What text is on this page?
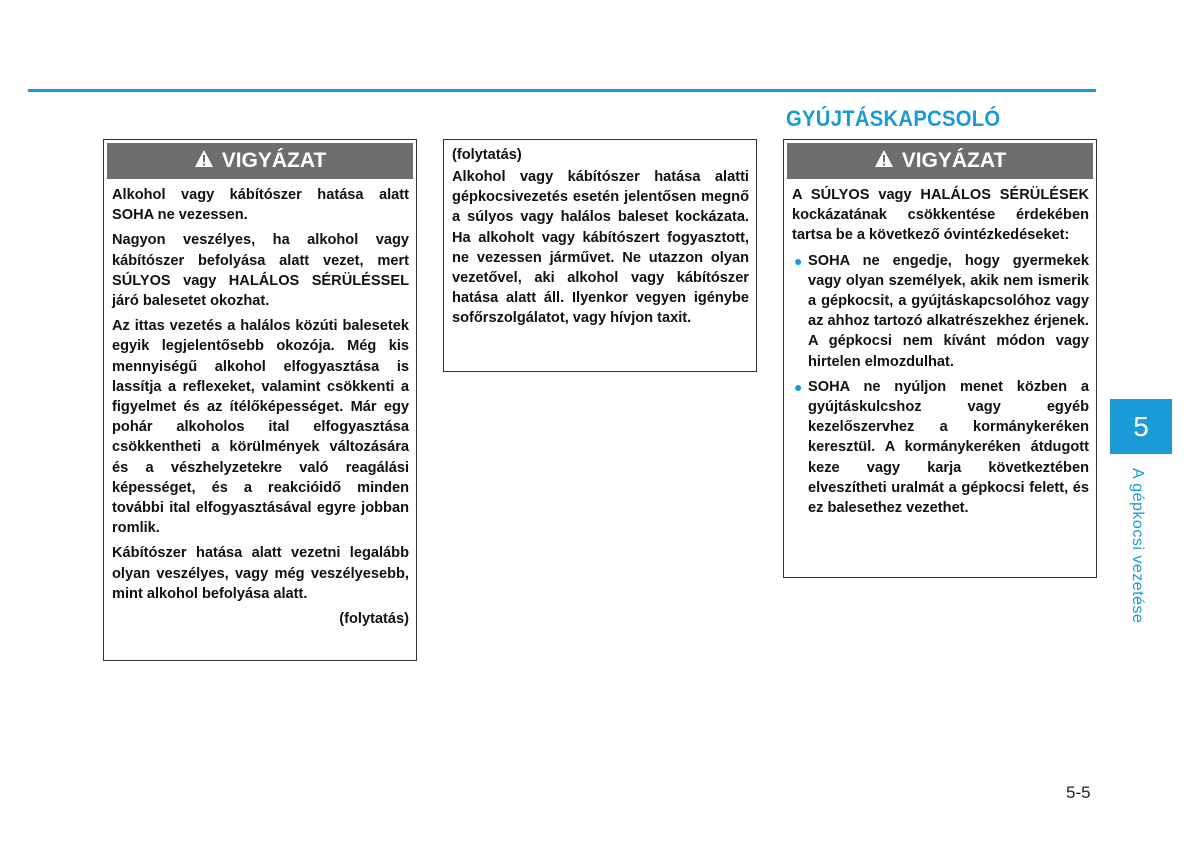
GYÚJTÁSKAPCSOLÓ
VIGYÁZAT

Alkohol vagy kábítószer hatása alatt SOHA ne vezessen.

Nagyon veszélyes, ha alkohol vagy kábítószer befolyása alatt vezet, mert SÚLYOS vagy HALÁLOS SÉRÜLÉSSEL járó balesetet okozhat.

Az ittas vezetés a halálos közúti balesetek egyik legjelentősebb okozója. Még kis mennyiségű alkohol elfogyasztása is lassítja a reflexeket, valamint csökkenti a figyelmet és az ítélőképességet. Már egy pohár alkoholos ital elfogyasztása csökkentheti a körülmények változására és a vészhelyzetekre való reagálási képességet, és a reakcióidő minden további ital elfogyasztásával egyre jobban romlik.

Kábítószer hatása alatt vezetni legalább olyan veszélyes, vagy még veszélyesebb, mint alkohol befolyása alatt.

(folytatás)

(folytatás)

Alkohol vagy kábítószer hatása alatti gépkocsivezetés esetén jelentősen megnő a súlyos vagy halálos baleset kockázata. Ha alkoholt vagy kábítószert fogyasztott, ne vezessen járművet. Ne utazzon olyan vezetővel, aki alkohol vagy kábítószer hatása alatt áll. Ilyenkor vegyen igénybe sofőrszolgálatot, vagy hívjon taxit.

VIGYÁZAT

A SÚLYOS vagy HALÁLOS SÉRÜLÉSEK kockázatának csökkentése érdekében tartsa be a következő óvintézkedéseket:

● SOHA ne engedje, hogy gyermekek vagy olyan személyek, akik nem ismerik a gépkocsit, a gyújtáskapcsolóhoz vagy az ahhoz tartozó alkatrészekhez érjenek. A gépkocsi nem kívánt módon vagy hirtelen elmozdulhat.
● SOHA ne nyúljon menet közben a gyújtáskulcshoz vagy egyéb kezelőszervhez a kormánykeréken keresztül. A kormánykeréken átdugott keze vagy karja következtében elveszítheti uralmát a gépkocsi felett, és ez balesethez vezethet.
5
A gépkocsi vezetése
5-5
